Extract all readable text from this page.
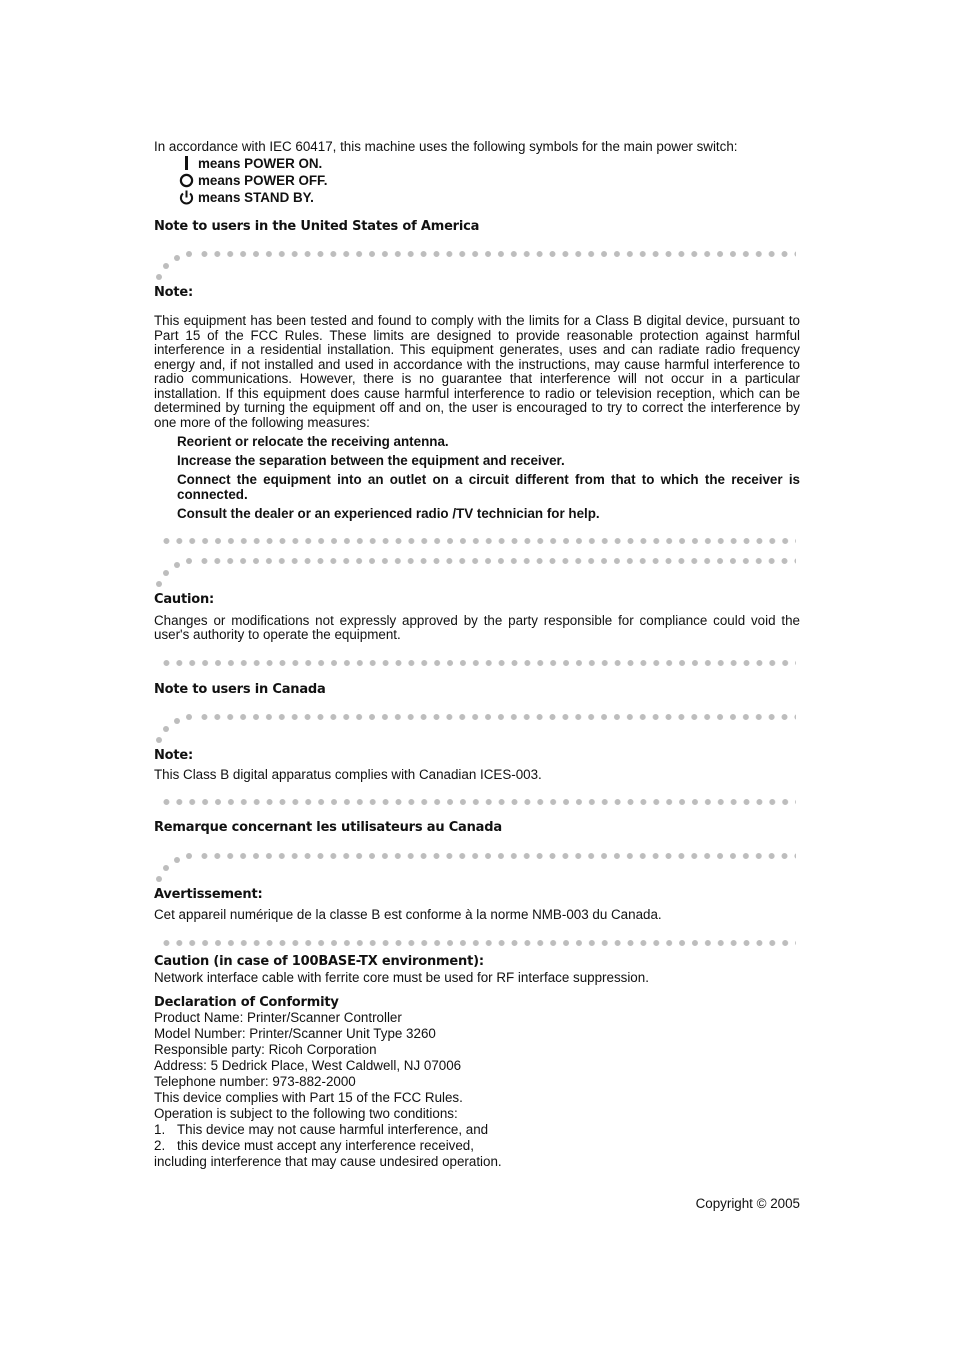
In accordance with IEC 60417, this machine uses the following symbols for the main power switch:

means POWER ON.
means POWER OFF.
means STAND BY.

Note to users in the United States of America

Note:

This equipment has been tested and found to comply with the limits for a Class B digital device, pursuant to Part 15 of the FCC Rules. These limits are designed to provide reasonable protection against harmful interference in a residential installation. This equipment generates, uses and can radiate radio frequency energy and, if not installed and used in accordance with the instructions, may cause harmful interference to radio communications. However, there is no guarantee that interference will not occur in a particular installation. If this equipment does cause harmful interference to radio or television reception, which can be determined by turning the equipment off and on, the user is encouraged to try to correct the interference by one more of the following measures:

Reorient or relocate the receiving antenna.
Increase the separation between the equipment and receiver.
Connect the equipment into an outlet on a circuit different from that to which the receiver is connected.
Consult the dealer or an experienced radio /TV technician for help.

Caution:

Changes or modifications not expressly approved by the party responsible for compliance could void the user's authority to operate the equipment.

Note to users in Canada

Note:

This Class B digital apparatus complies with Canadian ICES-003.

Remarque concernant les utilisateurs au Canada

Avertissement:

Cet appareil numérique de la classe B est conforme à la norme NMB-003 du Canada.

Caution (in case of 100BASE-TX environment):

Network interface cable with ferrite core must be used for RF interface suppression.

Declaration of Conformity

Product Name: Printer/Scanner Controller

Model Number: Printer/Scanner Unit Type 3260

Responsible party: Ricoh Corporation

Address: 5 Dedrick Place, West Caldwell, NJ 07006

Telephone number: 973-882-2000

This device complies with Part 15 of the FCC Rules.

Operation is subject to the following two conditions:

1. This device may not cause harmful interference, and

2. this device must accept any interference received,

including interference that may cause undesired operation.

Copyright © 2005
